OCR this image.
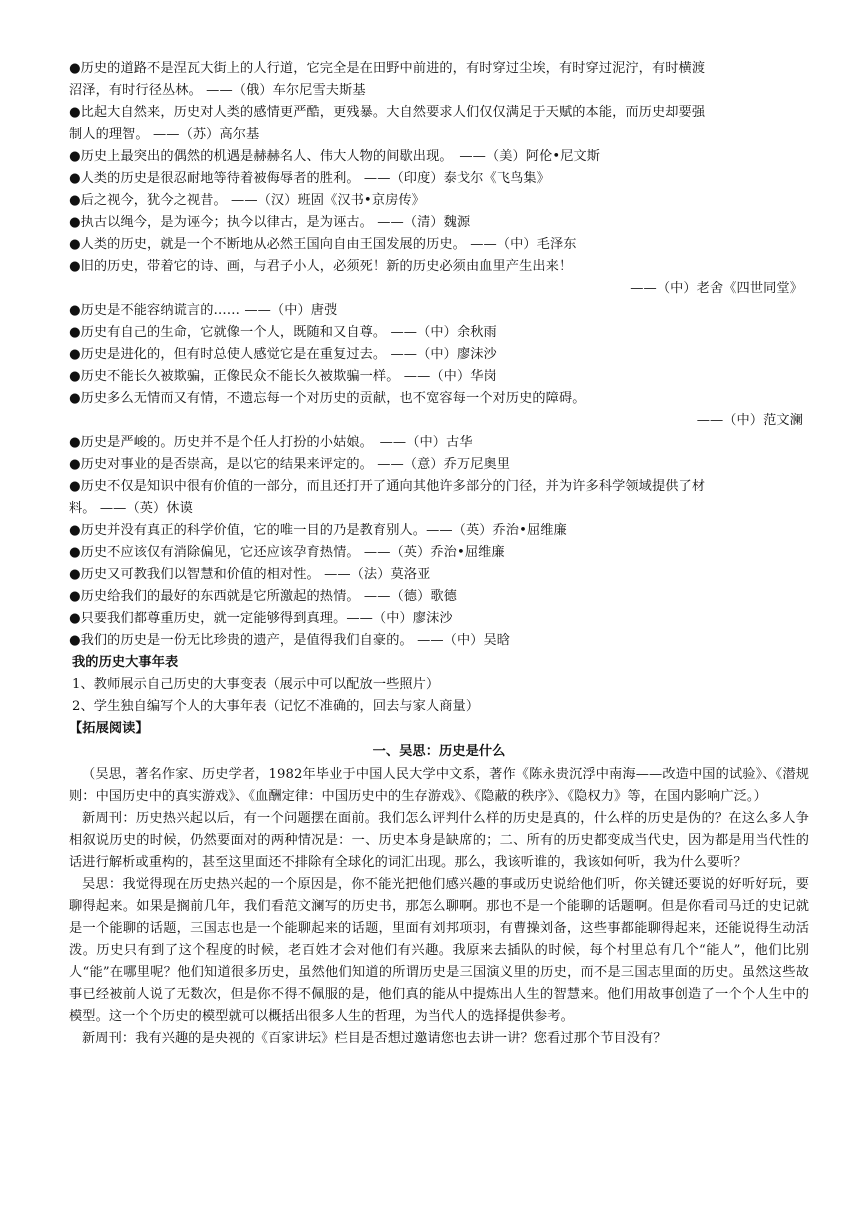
●历史的道路不是涅瓦大街上的人行道，它完全是在田野中前进的，有时穿过尘埃，有时穿过泥泞，有时横渡

沼泽，有时行径丛林。 ——（俄）车尔尼雪夫斯基

●比起大自然来，历史对人类的感情更严酷，更残暴。大自然要求人们仅仅满足于天赋的本能，而历史却要强

制人的理智。 ——（苏）高尔基

●历史上最突出的偶然的机遇是赫赫名人、伟大人物的间歇出现。　——（美）阿伦•尼文斯

●人类的历史是很忍耐地等待着被侮辱者的胜利。 ——（印度）泰戈尔《飞鸟集》

●后之视今，犹今之视昔。 ——（汉）班固《汉书•京房传》

●执古以绳今，是为诬今；执今以律古，是为诬古。 ——（清）魏源

●人类的历史，就是一个不断地从必然王国向自由王国发展的历史。 ——（中）毛泽东

●旧的历史，带着它的诗、画，与君子小人，必须死！新的历史必须由血里产生出来！

——（中）老舍《四世同堂》

●历史是不能容纳谎言的…… ——（中）唐弢

●历史有自己的生命，它就像一个人，既随和又自尊。 ——（中）余秋雨

●历史是进化的，但有时总使人感觉它是在重复过去。 ——（中）廖沫沙

●历史不能长久被欺骗，正像民众不能长久被欺骗一样。 ——（中）华岗

●历史多么无情而又有情，不遗忘每一个对历史的贡献，也不宽容每一个对历史的障碍。

——（中）范文澜

●历史是严峻的。历史并不是个任人打扮的小姑娘。　——（中）古华

●历史对事业的是否崇高，是以它的结果来评定的。 ——（意）乔万尼奥里

●历史不仅是知识中很有价值的一部分，而且还打开了通向其他许多部分的门径，并为许多科学领域提供了材

料。 ——（英）休谟

●历史并没有真正的科学价值，它的唯一目的乃是教育别人。——（英）乔治•屈维廉

●历史不应该仅有消除偏见，它还应该孕育热情。 ——（英）乔治•屈维廉

●历史又可教我们以智慧和价值的相对性。 ——（法）莫洛亚

●历史给我们的最好的东西就是它所激起的热情。 ——（德）歌德

●只要我们都尊重历史，就一定能够得到真理。——（中）廖沫沙

●我们的历史是一份无比珍贵的遗产，是值得我们自豪的。 ——（中）吴晗

我的历史大事年表

1、教师展示自己历史的大事变表（展示中可以配放一些照片）

2、学生独自编写个人的大事年表（记忆不准确的，回去与家人商量）

【拓展阅读】

一、吴思：历史是什么

（吴思，著名作家、历史学者，1982年毕业于中国人民大学中文系，著作《陈永贵沉浮中南海——改造中国的试验》、《潜规则：中国历史中的真实游戏》、《血酬定律：中国历史中的生存游戏》、《隐蔽的秩序》、《隐权力》等，在国内影响广泛。）

新周刊：历史热兴起以后，有一个问题摆在面前。我们怎么评判什么样的历史是真的，什么样的历史是伪的？在这么多人争相叙说历史的时候，仍然要面对的两种情况是：一、历史本身是缺席的；二、所有的历史都变成当代史，因为都是用当代性的话进行解析或重构的，甚至这里面还不排除有全球化的词汇出现。那么，我该听谁的，我该如何听，我为什么要听？

吴思：我觉得现在历史热兴起的一个原因是，你不能光把他们感兴趣的事或历史说给他们听，你关键还要说的好听好玩，要聊得起来。如果是搁前几年，我们看范文澜写的历史书，那怎么聊啊。那也不是一个能聊的话题啊。但是你看司马迁的史记就是一个能聊的话题，三国志也是一个能聊起来的话题，里面有刘邦项羽，有曹操刘备，这些事都能聊得起来，还能说得生动活泼。历史只有到了这个程度的时候，老百姓才会对他们有兴趣。我原来去插队的时候，每个村里总有几个“能人”，他们比别人“能”在哪里呢？他们知道很多历史，虽然他们知道的所谓历史是三国演义里的历史，而不是三国志里面的历史。虽然这些故事已经被前人说了无数次，但是你不得不佩服的是，他们真的能从中提炼出人生的智慧来。他们用故事创造了一个个人生中的模型。这一个个历史的模型就可以概括出很多人生的哲理，为当代人的选择提供参考。

新周刊：我有兴趣的是央视的《百家讲坛》栏目是否想过邀请您也去讲一讲？您看过那个节目没有？
